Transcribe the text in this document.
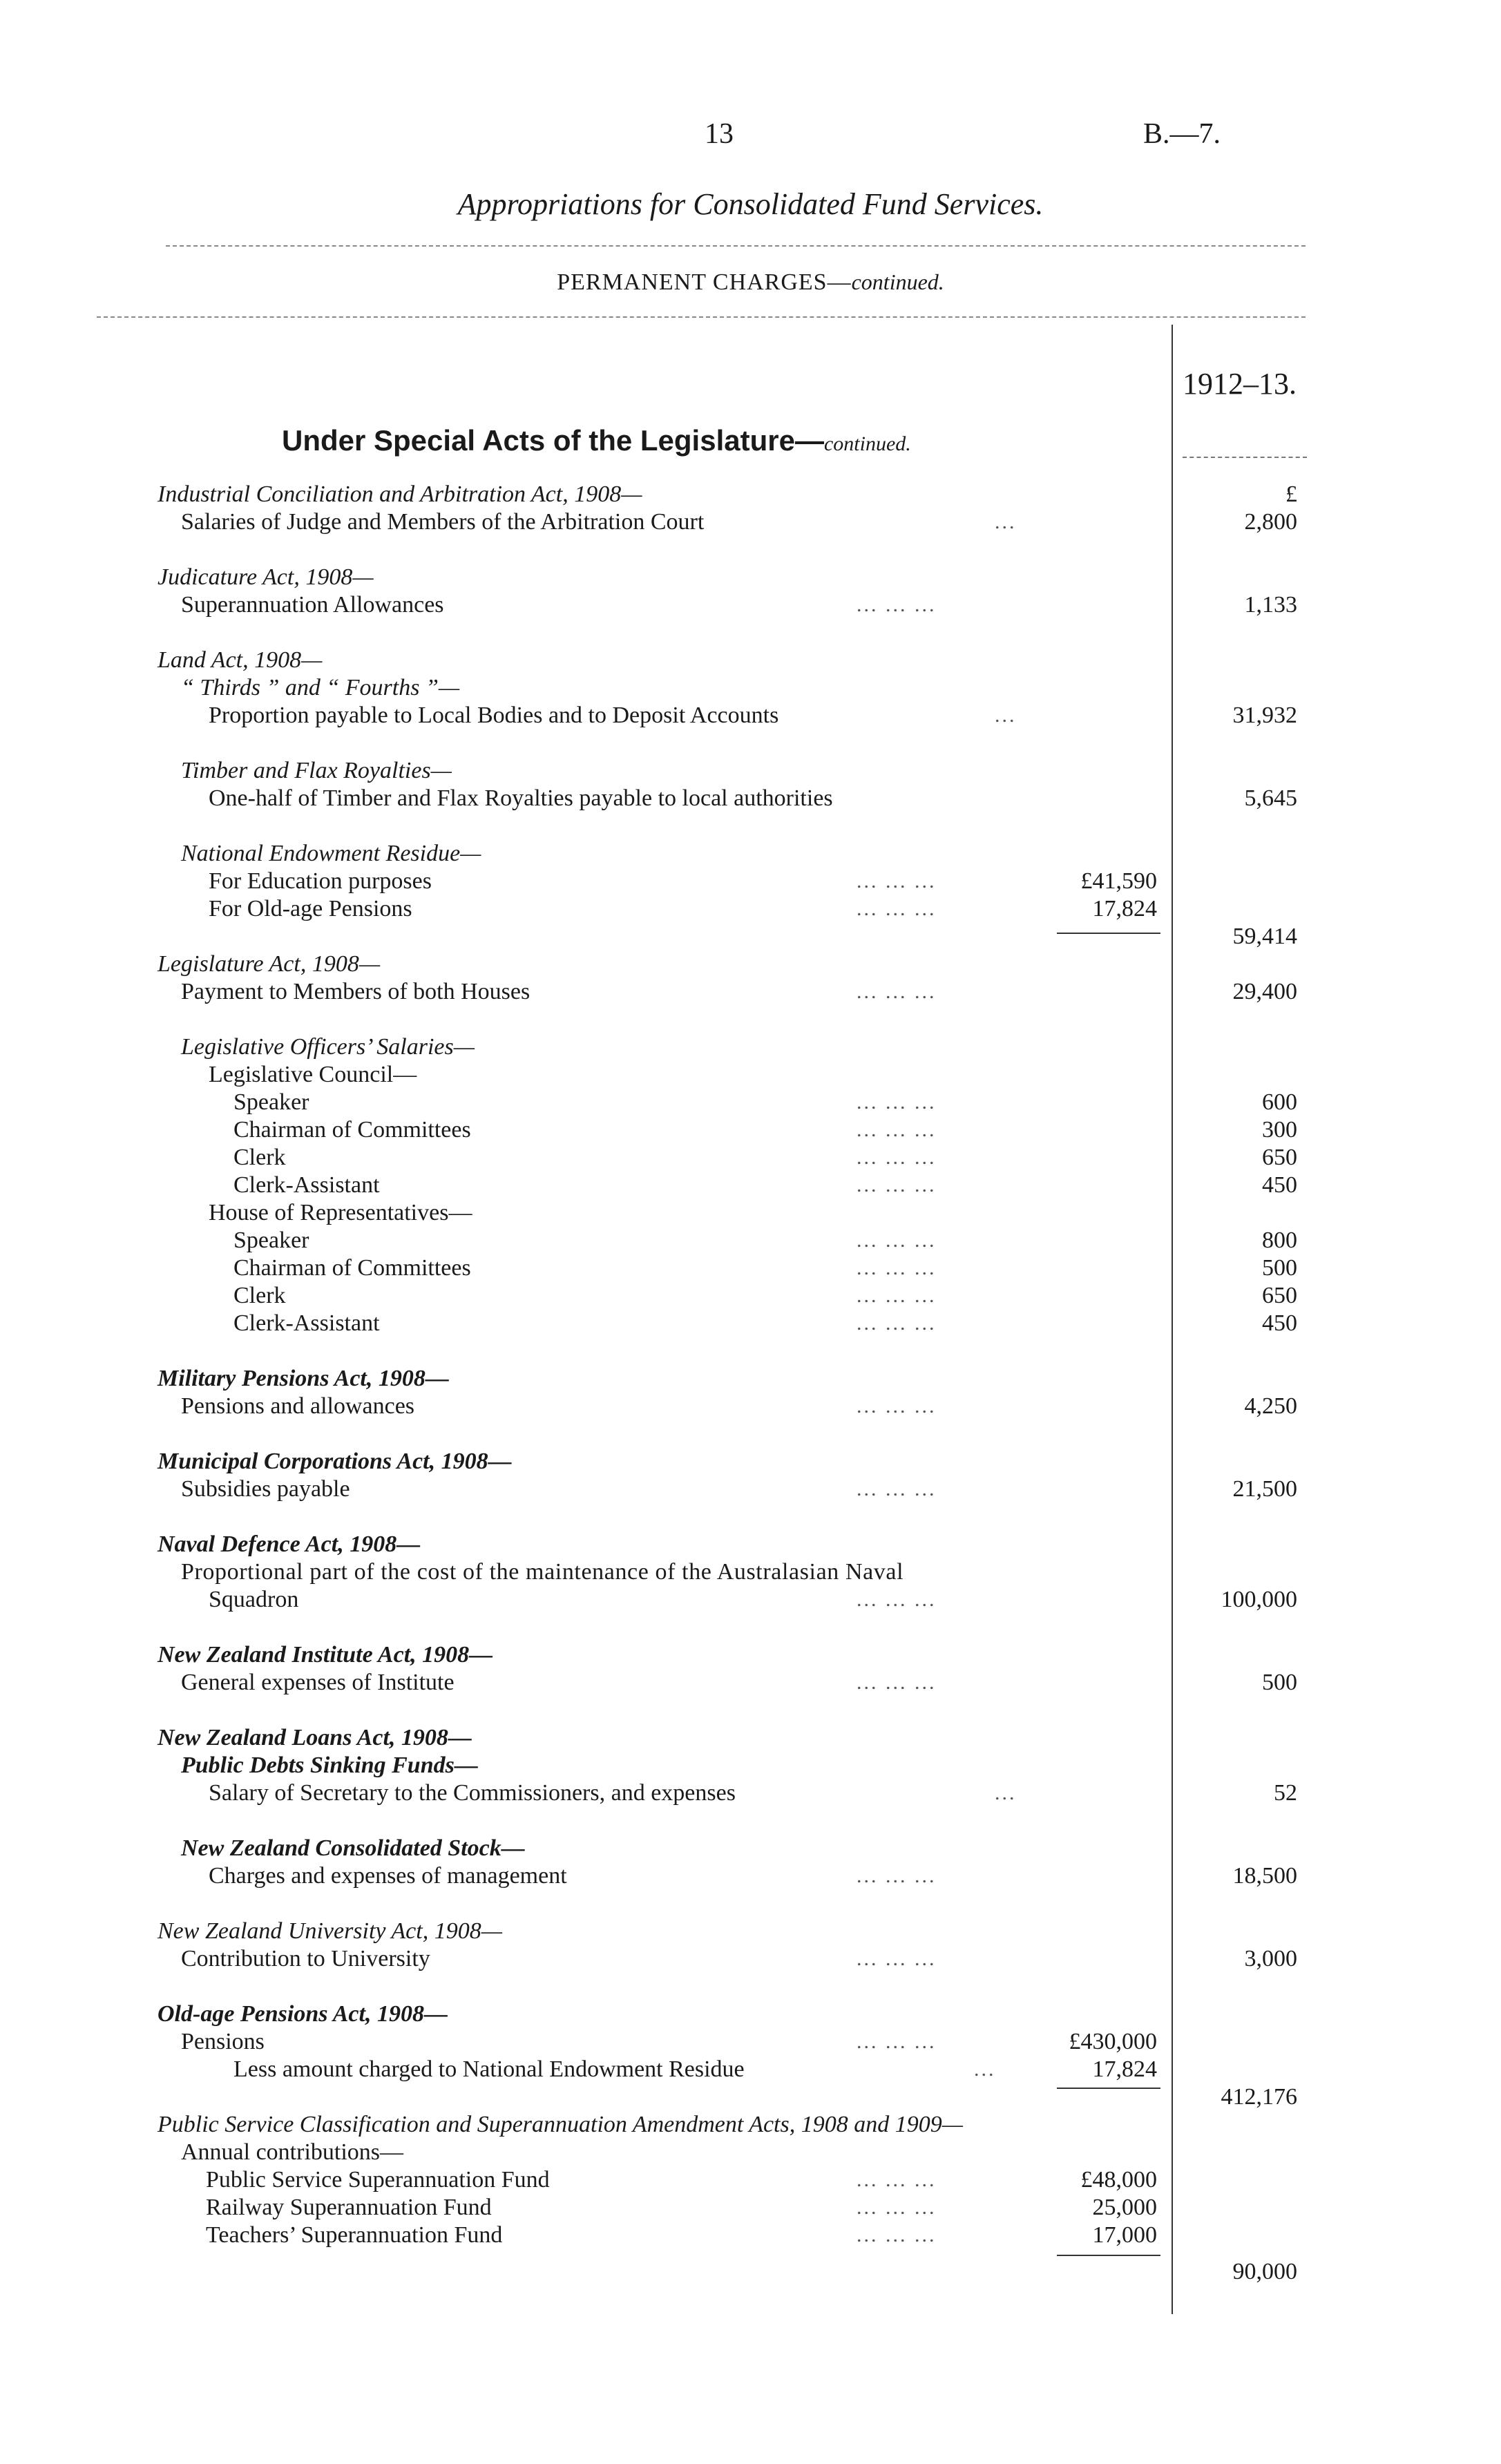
13	B.—7.
Appropriations for Consolidated Fund Services.
PERMANENT CHARGES—continued.
1912–13.
Under Special Acts of the Legislature—continued.
Industrial Conciliation and Arbitration Act, 1908—	£
Salaries of Judge and Members of the Arbitration Court	...	2,800
Judicature Act, 1908—
Superannuation Allowances	... ... ...	1,133
Land Act, 1908—
“ Thirds ” and “ Fourths ”—
Proportion payable to Local Bodies and to Deposit Accounts	...	31,932
Timber and Flax Royalties—
One-half of Timber and Flax Royalties payable to local authorities	5,645
National Endowment Residue—
For Education purposes	... ... ...	£41,590
For Old-age Pensions	... ... ...	17,824
59,414
Legislature Act, 1908—
Payment to Members of both Houses	... ... ...	29,400
Legislative Officers’ Salaries—
Legislative Council—
Speaker	... ... ...	600
Chairman of Committees	... ... ...	300
Clerk	... ... ...	650
Clerk-Assistant	... ... ...	450
House of Representatives—
Speaker	... ... ...	800
Chairman of Committees	... ... ...	500
Clerk	... ... ...	650
Clerk-Assistant	... ... ...	450
Military Pensions Act, 1908—
Pensions and allowances	... ... ...	4,250
Municipal Corporations Act, 1908—
Subsidies payable	... ... ...	21,500
Naval Defence Act, 1908—
Proportional part of the cost of the maintenance of the Australasian Naval
Squadron	... ... ...	100,000
New Zealand Institute Act, 1908—
General expenses of Institute	... ... ...	500
New Zealand Loans Act, 1908—
Public Debts Sinking Funds—
Salary of Secretary to the Commissioners, and expenses	...	52
New Zealand Consolidated Stock—
Charges and expenses of management	... ... ...	18,500
New Zealand University Act, 1908—
Contribution to University	... ... ...	3,000
Old-age Pensions Act, 1908—
Pensions	... ... ...	£430,000
Less amount charged to National Endowment Residue	...	17,824
412,176
Public Service Classification and Superannuation Amendment Acts, 1908 and 1909—
Annual contributions—
Public Service Superannuation Fund	... ... ...	£48,000
Railway Superannuation Fund	... ... ...	25,000
Teachers’ Superannuation Fund	... ... ...	17,000
90,000
